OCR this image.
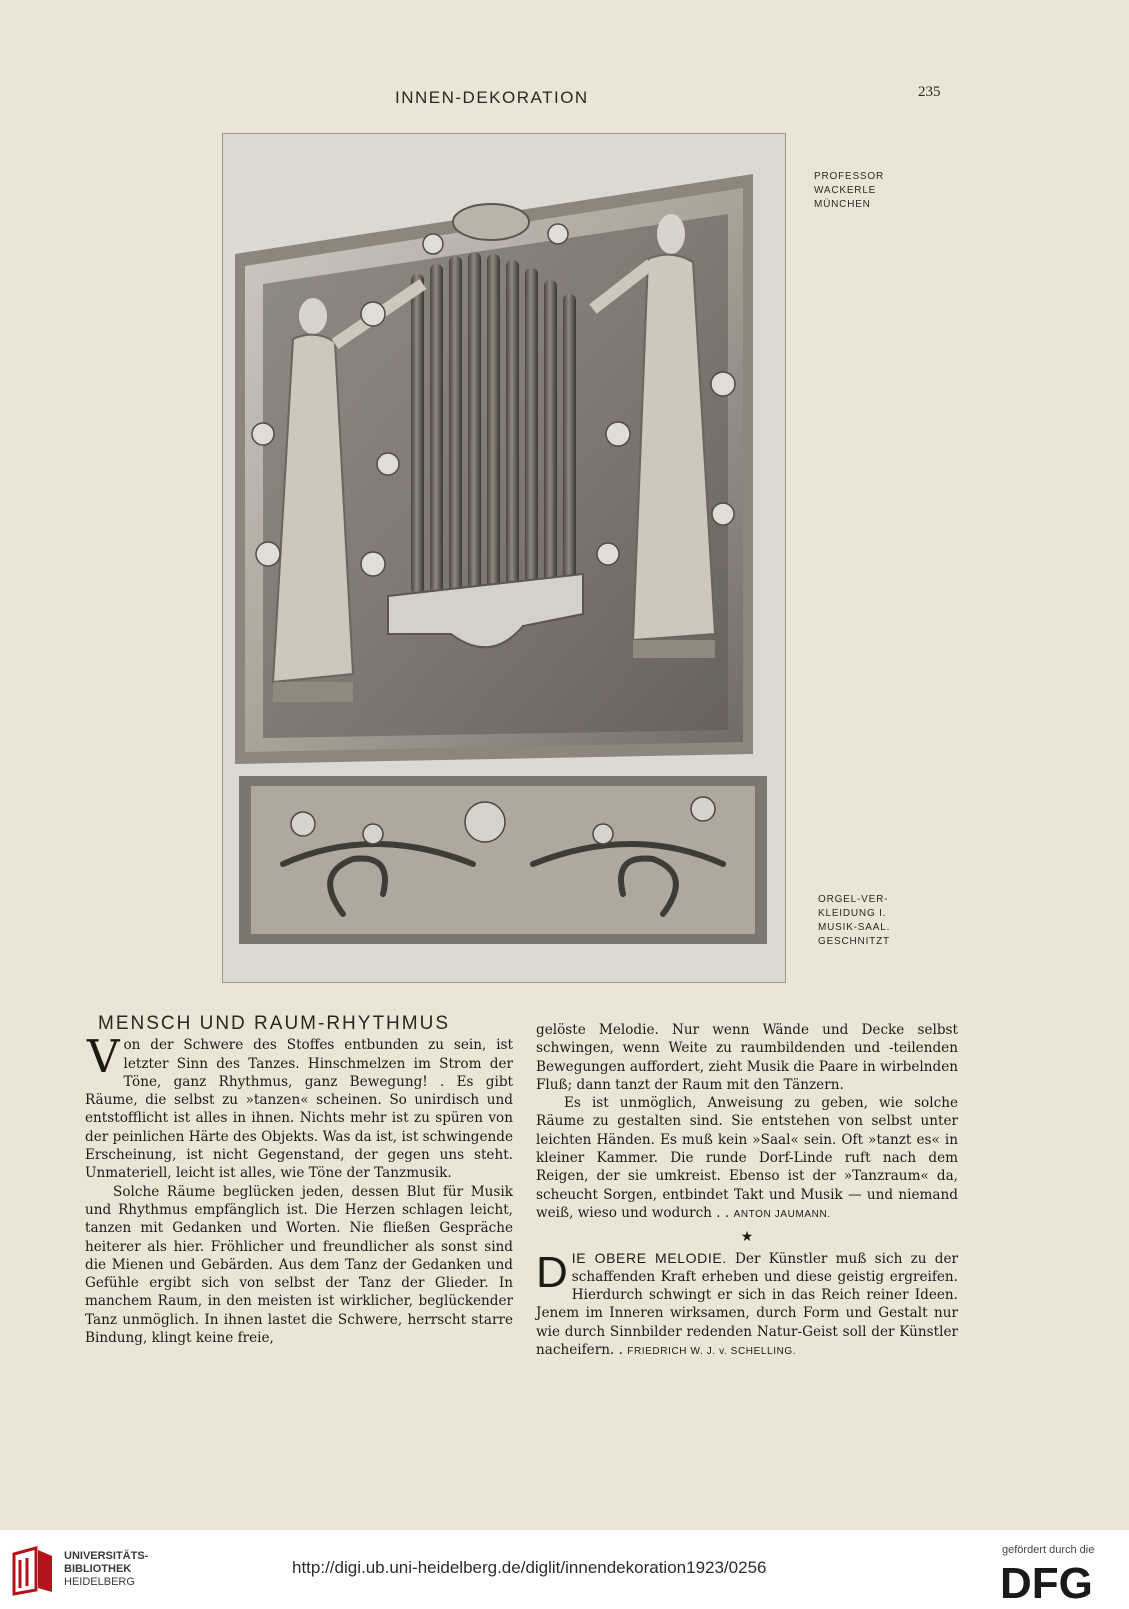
INNEN-DEKORATION	235
PROFESSOR
WACKERLE
MÜNCHEN
ORGEL-VER-
KLEIDUNG I.
MUSIK-SAAL.
GESCHNITZT
MENSCH UND RAUM-RHYTHMUS

Von der Schwere des Stoffes entbunden zu sein, ist letzter Sinn des Tanzes. Hinschmelzen im Strom der Töne, ganz Rhythmus, ganz Bewegung! . Es gibt Räume, die selbst zu »tanzen« scheinen. So unirdisch und entstofflicht ist alles in ihnen. Nichts mehr ist zu spüren von der peinlichen Härte des Objekts. Was da ist, ist schwingende Erscheinung, ist nicht Gegenstand, der gegen uns steht. Unmateriell, leicht ist alles, wie Töne der Tanzmusik.

Solche Räume beglücken jeden, dessen Blut für Musik und Rhythmus empfänglich ist. Die Herzen schlagen leicht, tanzen mit Gedanken und Worten. Nie fließen Gespräche heiterer als hier. Fröhlicher und freundlicher als sonst sind die Mienen und Gebärden. Aus dem Tanz der Gedanken und Gefühle ergibt sich von selbst der Tanz der Glieder. In manchem Raum, in den meisten ist wirklicher, beglückender Tanz unmöglich. In ihnen lastet die Schwere, herrscht starre Bindung, klingt keine freie,

gelöste Melodie. Nur wenn Wände und Decke selbst schwingen, wenn Weite zu raumbildenden und -teilenden Bewegungen auffordert, zieht Musik die Paare in wirbelnden Fluß; dann tanzt der Raum mit den Tänzern.

Es ist unmöglich, Anweisung zu geben, wie solche Räume zu gestalten sind. Sie entstehen von selbst unter leichten Händen. Es muß kein »Saal« sein. Oft »tanzt es« in kleiner Kammer. Die runde Dorf-Linde ruft nach dem Reigen, der sie umkreist. Ebenso ist der »Tanzraum« da, scheucht Sorgen, entbindet Takt und Musik — und niemand weiß, wieso und wodurch . . ANTON JAUMANN.

★

DIE OBERE MELODIE. Der Künstler muß sich zu der schaffenden Kraft erheben und diese geistig ergreifen. Hierdurch schwingt er sich in das Reich reiner Ideen. Jenem im Inneren wirksamen, durch Form und Gestalt nur wie durch Sinnbilder redenden Natur-Geist soll der Künstler nacheifern. . FRIEDRICH W. J. v. SCHELLING.

UNIVERSITÄTS-
BIBLIOTHEK
HEIDELBERG
http://digi.ub.uni-heidelberg.de/diglit/innendekoration1923/0256
gefördert durch die
DFG
